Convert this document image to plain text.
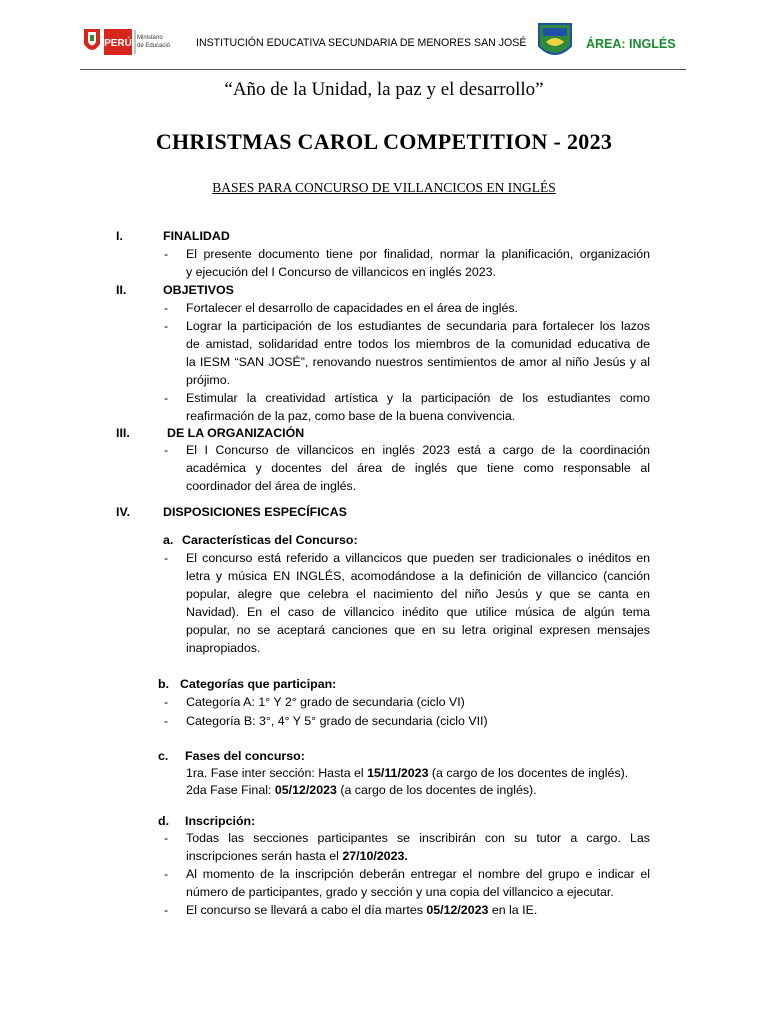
PERÚ Ministerio
de Educación INSTITUCIÓN EDUCATIVA SECUNDARIA DE MENORES SAN JOSÉ	ÁREA: INGLÉS
“Año de la Unidad, la paz y el desarrollo”
CHRISTMAS CAROL COMPETITION - 2023
BASES PARA CONCURSO DE VILLANCICOS EN INGLÉS
I.	FINALIDAD
- El presente documento tiene por finalidad, normar la planificación, organización
y ejecución del I Concurso de villancicos en inglés 2023.
II.	OBJETIVOS
- Fortalecer el desarrollo de capacidades en el área de inglés.
- Lograr la participación de los estudiantes de secundaria para fortalecer los lazos
de amistad, solidaridad entre todos los miembros de la comunidad educativa de
la IESM “SAN JOSÉ”, renovando nuestros sentimientos de amor al niño Jesús y al
prójimo.
- Estimular la creatividad artística y la participación de los estudiantes como
reafirmación de la paz, como base de la buena convivencia.
III.	DE LA ORGANIZACIÓN
- El I Concurso de villancicos en inglés 2023 está a cargo de la coordinación
académica y docentes del área de inglés que tiene como responsable al
coordinador del área de inglés.
IV.	DISPOSICIONES ESPECÍFICAS
a. Características del Concurso:
- El concurso está referido a villancicos que pueden ser tradicionales o inéditos en
letra y música EN INGLÉS, acomodándose a la definición de villancico (canción
popular, alegre que celebra el nacimiento del niño Jesús y que se canta en
Navidad). En el caso de villancico inédito que utilice música de algún tema
popular, no se aceptará canciones que en su letra original expresen mensajes
inapropiados.
b. Categorías que participan:
- Categoría A: 1° Y 2° grado de secundaria (ciclo VI)
- Categoría B: 3°, 4° Y 5° grado de secundaria (ciclo VII)
c. Fases del concurso:
1ra. Fase inter sección: Hasta el 15/11/2023 (a cargo de los docentes de inglés).
2da Fase Final: 05/12/2023 (a cargo de los docentes de inglés).
d. Inscripción:
- Todas las secciones participantes se inscribirán con su tutor a cargo. Las
inscripciones serán hasta el 27/10/2023.
- Al momento de la inscripción deberán entregar el nombre del grupo e indicar el
número de participantes, grado y sección y una copia del villancico a ejecutar.
- El concurso se llevará a cabo el día martes 05/12/2023 en la IE.
